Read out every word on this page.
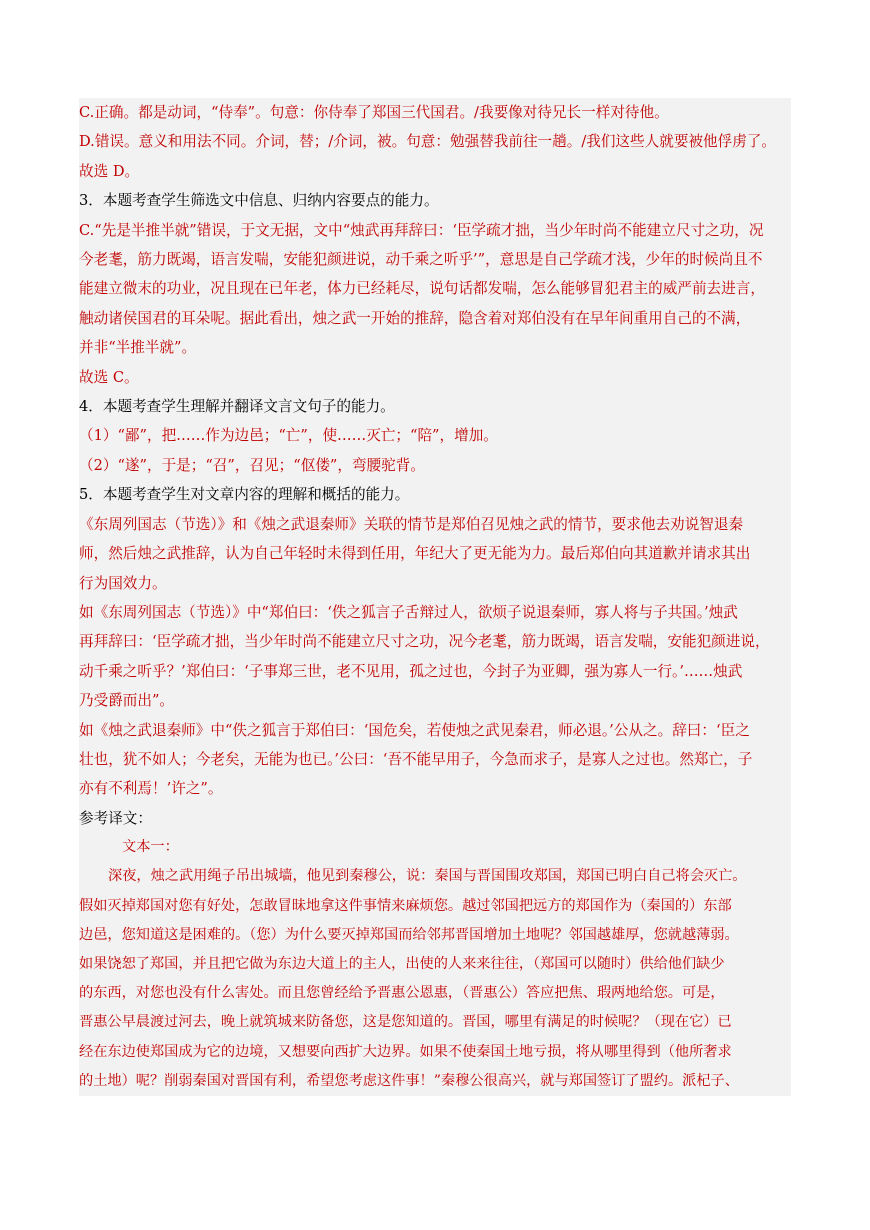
C.正确。都是动词，“侍奉”。句意：你侍奉了郑国三代国君。/我要像对待兄长一样对待他。

D.错误。意义和用法不同。介词，替；/介词，被。句意：勉强替我前往一趟。/我们这些人就要被他俘虏了。

故选 D。

3．本题考查学生筛选文中信息、归纳内容要点的能力。

C.“先是半推半就”错误，于文无据，文中“烛武再拜辞曰：‘臣学疏才拙，当少年时尚不能建立尺寸之功，况

今老耄，筋力既竭，语言发喘，安能犯颜进说，动千乘之听乎’”，意思是自己学疏才浅，少年的时候尚且不

能建立微末的功业，况且现在已年老，体力已经耗尽，说句话都发喘，怎么能够冒犯君主的威严前去进言，

触动诸侯国君的耳朵呢。据此看出，烛之武一开始的推辞，隐含着对郑伯没有在早年间重用自己的不满，

并非“半推半就”。

故选 C。

4．本题考查学生理解并翻译文言文句子的能力。

（1）“鄙”，把……作为边邑；“亡”，使……灭亡；“陪”，增加。

（2）“遂”，于是；“召”，召见；“伛偻”，弯腰驼背。

5．本题考查学生对文章内容的理解和概括的能力。

《东周列国志（节选）》和《烛之武退秦师》关联的情节是郑伯召见烛之武的情节，要求他去劝说智退秦

师，然后烛之武推辞，认为自己年轻时未得到任用，年纪大了更无能为力。最后郑伯向其道歉并请求其出

行为国效力。

如《东周列国志（节选）》中“郑伯曰：‘佚之狐言子舌辩过人，欲烦子说退秦师，寡人将与子共国。’烛武

再拜辞曰：‘臣学疏才拙，当少年时尚不能建立尺寸之功，况今老耄，筋力既竭，语言发喘，安能犯颜进说，

动千乘之听乎？’郑伯曰：‘子事郑三世，老不见用，孤之过也，今封子为亚卿，强为寡人一行。’……烛武

乃受爵而出”。

如《烛之武退秦师》中“佚之狐言于郑伯曰：‘国危矣，若使烛之武见秦君，师必退。’公从之。辞曰：‘臣之

壮也，犹不如人；今老矣，无能为也已。’公曰：‘吾不能早用子，今急而求子，是寡人之过也。然郑亡，子

亦有不利焉！’许之”。

参考译文：

文本一：

深夜，烛之武用绳子吊出城墙，他见到秦穆公，说：秦国与晋国围攻郑国，郑国已明白自己将会灭亡。

假如灭掉郑国对您有好处，怎敢冒昧地拿这件事情来麻烦您。越过邻国把远方的郑国作为（秦国的）东部

边邑，您知道这是困难的。（您）为什么要灭掉郑国而给邻邦晋国增加土地呢？邻国越雄厚，您就越薄弱。

如果饶恕了郑国，并且把它做为东边大道上的主人，出使的人来来往往，（郑国可以随时）供给他们缺少

的东西，对您也没有什么害处。而且您曾经给予晋惠公恩惠，（晋惠公）答应把焦、瑕两地给您。可是，

晋惠公早晨渡过河去，晚上就筑城来防备您，这是您知道的。晋国，哪里有满足的时候呢？（现在它）已

经在东边使郑国成为它的边境，又想要向西扩大边界。如果不使秦国土地亏损，将从哪里得到（他所奢求

的土地）呢？削弱秦国对晋国有利，希望您考虑这件事！”秦穆公很高兴，就与郑国签订了盟约。派杞子、
